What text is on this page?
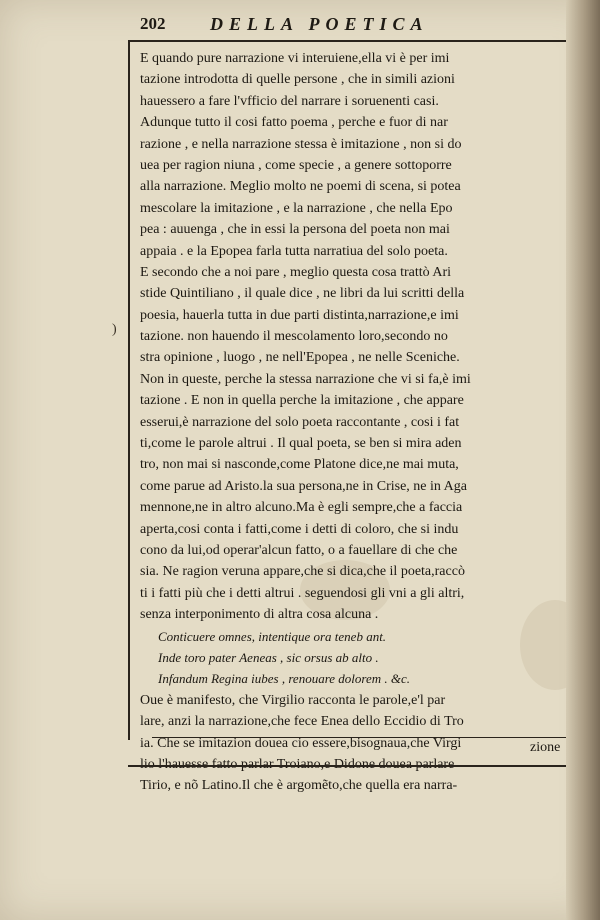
202 DELLA POETICA
)
E quando pure narrazione vi interuiene,ella vi è per imi
tazione introdotta di quelle persone , che in simili azioni
hauessero a fare l'vfficio del narrare i soruenenti casi.
Adunque tutto il cosi fatto poema , perche e fuor di nar
razione , e nella narrazione stessa è imitazione , non si do
uea per ragion niuna , come specie , a genere sottoporre
alla narrazione. Meglio molto ne poemi di scena, si potea
mescolare la imitazione , e la narrazione , che nella Epo
pea : auuenga , che in essi la persona del poeta non mai
appaia . e la Epopea farla tutta narratiua del solo poeta.
E secondo che a noi pare , meglio questa cosa trattò Ari
stide Quintiliano , il quale dice , ne libri da lui scritti della
poesia, hauerla tutta in due parti distinta,narrazione,e imi
tazione. non hauendo il mescolamento loro,secondo no
stra opinione , luogo , ne nell'Epopea , ne nelle Sceniche.
Non in queste, perche la stessa narrazione che vi si fa,è imi
tazione . E non in quella perche la imitazione , che appare
esserui,è narrazione del solo poeta raccontante , cosi i fat
ti,come le parole altrui . Il qual poeta, se ben si mira aden
tro, non mai si nasconde,come Platone dice,ne mai muta,
come parue ad Aristo.la sua persona,ne in Crise, ne in Aga
mennone,ne in altro alcuno.Ma è egli sempre,che a faccia
aperta,cosi conta i fatti,come i detti di coloro, che si indu
cono da lui,od operar'alcun fatto, o a fauellare di che che
sia. Ne ragion veruna appare,che si dica,che il poeta,raccò
ti i fatti più che i detti altrui . seguendosi gli vni a gli altri,
senza interponimento di altra cosa alcuna .
Conticuere omnes, intentique ora teneb ant.
Inde toro pater Aeneas , sic orsus ab alto .
Infandum Regina iubes , renouare dolorem . &c.
Oue è manifesto, che Virgilio racconta le parole,e'l par
lare, anzi la narrazione,che fece Enea dello Eccidio di Tro
ia. Che se imitazion douea cio essere,bisognaua,che Virgi
lio l'hauesse fatto parlar Troiano,e Didone douea parlare
Tirio, e nõ Latino.Il che è argomẽto,che quella era narra-
zione
